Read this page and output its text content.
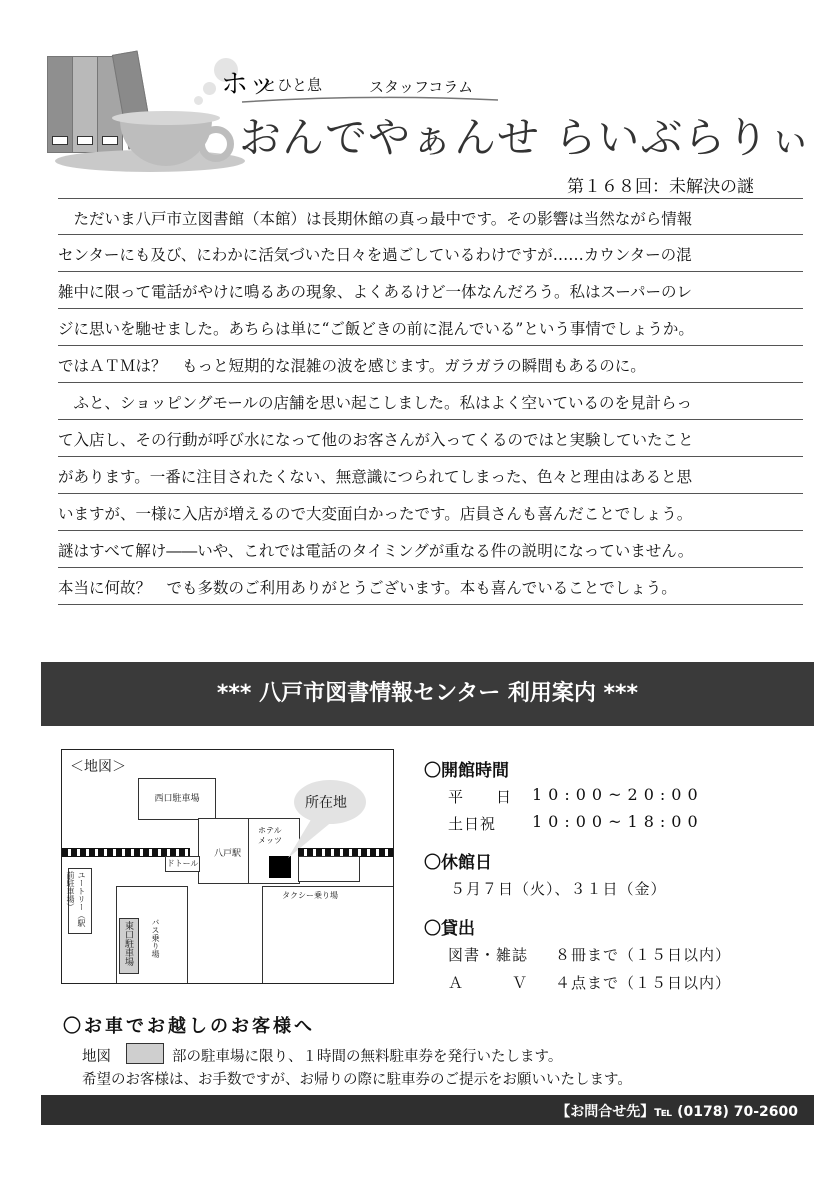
ホッ
とひと息	スタッフコラム
おんでやぁんせ らいぶらりぃ
第１６８回：未解決の謎
　ただいま八戸市立図書館（本館）は長期休館の真っ最中です。その影響は当然ながら情報
センターにも及び、にわかに活気づいた日々を過ごしているわけですが……カウンターの混
雑中に限って電話がやけに鳴るあの現象、よくあるけど一体なんだろう。私はスーパーのレ
ジに思いを馳せました。あちらは単に“ご飯どきの前に混んでいる”という事情でしょうか。
ではＡＴＭは？　もっと短期的な混雑の波を感じます。ガラガラの瞬間もあるのに。
　ふと、ショッピングモールの店舗を思い起こしました。私はよく空いているのを見計らっ
て入店し、その行動が呼び水になって他のお客さんが入ってくるのではと実験していたこと
があります。一番に注目されたくない、無意識につられてしまった、色々と理由はあると思
いますが、一様に入店が増えるので大変面白かったです。店員さんも喜んだことでしょう。
謎はすべて解け――いや、これでは電話のタイミングが重なる件の説明になっていません。
本当に何故？　でも多数のご利用ありがとうございます。本も喜んでいることでしょう。
*** 八戸市図書情報センター 利用案内 ***
＜地図＞
西口駐車場
八戸駅
ホテル
メッツ
所在地
ドトール
ユートリー（駅前駐車場）
東口駐車場	バス乗り場
タクシー乗り場
〇開館時間
平　　日 10:00~20:00
土日祝 10:00~18:00
〇休館日
５月７日（火）、３１日（金）
〇貸出
図書・雑誌 ８冊まで（１５日以内）
Ａ　　　Ｖ ４点まで（１５日以内）
〇お車でお越しのお客様へ
地図	部の駐車場に限り、１時間の無料駐車券を発行いたします。
希望のお客様は、お手数ですが、お帰りの際に駐車券のご提示をお願いいたします。
【お問合せ先】℡ (0178) 70-2600
